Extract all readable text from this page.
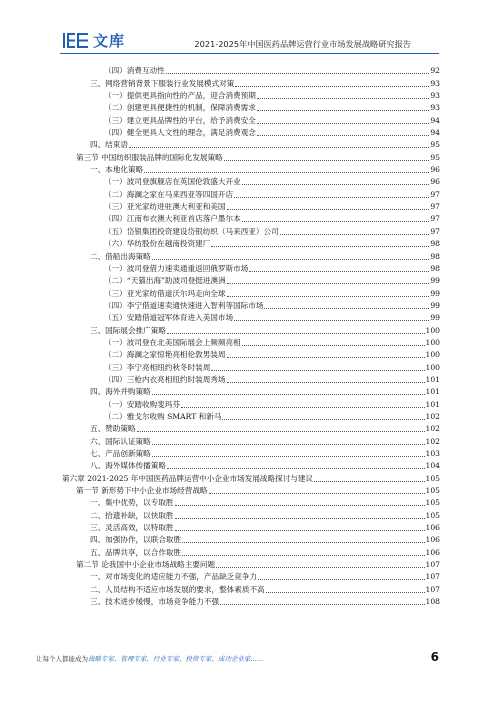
文库	2021-2025年中国医药品牌运营行业市场发展战略研究报告
（四）消费互动性	92
三、网络营销背景下服装行业发展模式对策	93
（一）提供更具指向性的产品，迎合消费预期	93
（二）创建更具便捷性的机制，保障消费需求	93
（三）建立更具品牌性的平台，给予消费安全	94
（四）健全更具人文性的理念，满足消费观念	94
四、结束语	95
第三节 中国纺织服装品牌的国际化发展策略	95
一、本地化策略	96
（一）波司登旗舰店在英国伦敦盛大开业	96
（二）海澜之家在马来西亚等四国开店	97
（三）亚光家纺进驻澳大利亚和美国	97
（四）江南布衣澳大利亚首店落户墨尔本	97
（五）岱银集团投资建设岱银纺织（马来西亚）公司	97
（六）华纺股份在越南投资建厂	98
二、借船出海策略	98
（一）波司登借力速卖通重返回俄罗斯市场	98
（二）“天猫出海”助波司登挺进澳洲	99
（三）亚光家纺借道沃尔玛走向全球	99
（四）李宁借道速卖通快速进入智利等国际市场	99
（五）安踏借道冠军体育进入美国市场	99
三、国际展会推广策略	100
（一）波司登在北美国际展会上频频亮相	100
（二）海澜之家惊艳亮相伦敦男装周	100
（三）李宁亮相纽约秋冬时装周	100
（四）三枪内衣亮相纽约时装周秀场	101
四、海外并购策略	101
（一）安踏收购斐玛芬	101
（二）雅戈尔收购 SMART 和新马	102
五、赞助策略	102
六、国际认证策略	102
七、产品创新策略	103
八、海外媒体传播策略	104
第六章 2021-2025 年中国医药品牌运营中小企业市场发展战略探讨与建议	105
第一节 新形势下中小企业市场经营战略	105
一、集中优势，以专取胜	105
二、拾遗补缺，以快取胜	105
三、灵活高效，以特取胜	106
四、加强协作，以联合取胜	106
五、品牌共享，以合作取胜	106
第二节 论我国中小企业市场战略主要问题	107
一、对市场变化的适应能力不强，产品缺乏竞争力	107
二、人员结构不适应市场发展的要求，整体素质不高	107
三、技术进步缓慢，市场竞争能力不强	108
让每个人都能成为战略专家、管理专家、行业专家、投资专家、成功企业家……	6
